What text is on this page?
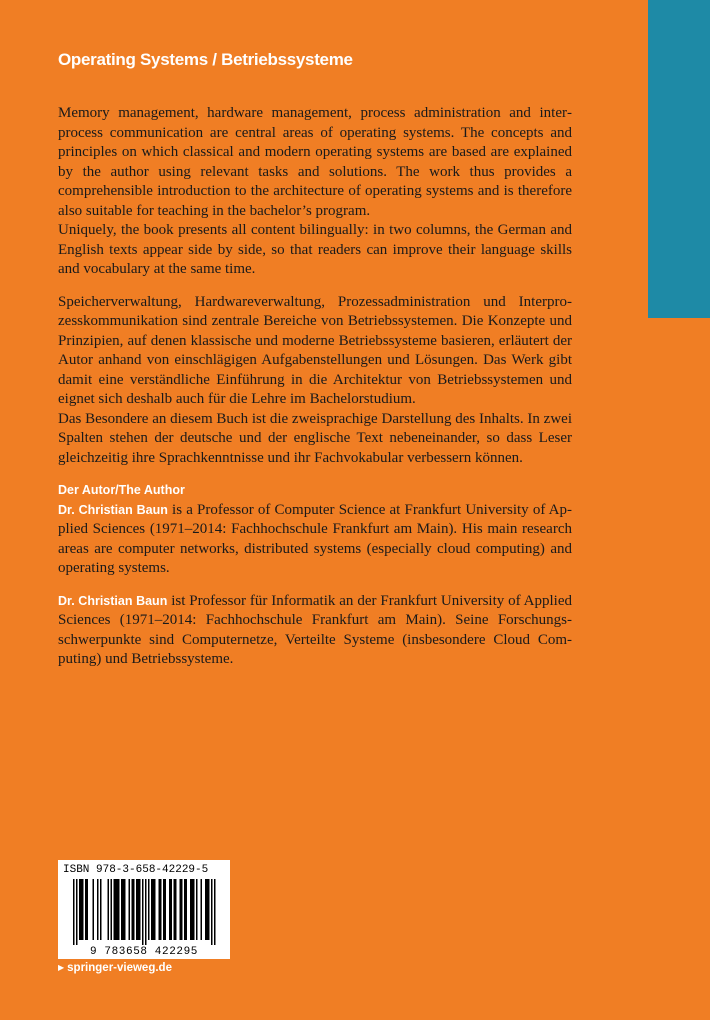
Operating Systems / Betriebssysteme

Memory management, hardware management, process administration and interprocess communication are central areas of operating systems. The concepts and principles on which classical and modern operating systems are based are explained by the author using relevant tasks and solutions. The work thus provides a comprehensible introduction to the architecture of operating systems and is therefore also suitable for teaching in the bachelor’s program.

Uniquely, the book presents all content bilingually: in two columns, the German and English texts appear side by side, so that readers can improve their language skills and vocabulary at the same time.

Speicherverwaltung, Hardwareverwaltung, Prozessadministration und Interprozesskommunikation sind zentrale Bereiche von Betriebssystemen. Die Konzepte und Prinzipien, auf denen klassische und moderne Betriebssysteme basieren, erläutert der Autor anhand von einschlägigen Aufgabenstellungen und Lösungen. Das Werk gibt damit eine verständliche Einführung in die Architektur von Betriebssystemen und eignet sich deshalb auch für die Lehre im Bachelorstudium.

Das Besondere an diesem Buch ist die zweisprachige Darstellung des Inhalts. In zwei Spalten stehen der deutsche und der englische Text nebeneinander, so dass Leser gleichzeitig ihre Sprachkenntnisse und ihr Fachvokabular verbessern können.

Der Autor/The Author

Dr. Christian Baun is a Professor of Computer Science at Frankfurt University of Applied Sciences (1971–2014: Fachhochschule Frankfurt am Main). His main research areas are computer networks, distributed systems (especially cloud computing) and operating systems.

Dr. Christian Baun ist Professor für Informatik an der Frankfurt University of Applied Sciences (1971–2014: Fachhochschule Frankfurt am Main). Seine Forschungsschwerpunkte sind Computernetze, Verteilte Systeme (insbesondere Cloud Computing) und Betriebssysteme.

ISBN 978-3-658-42229-5
9 783658 422295
▶ springer-vieweg.de
